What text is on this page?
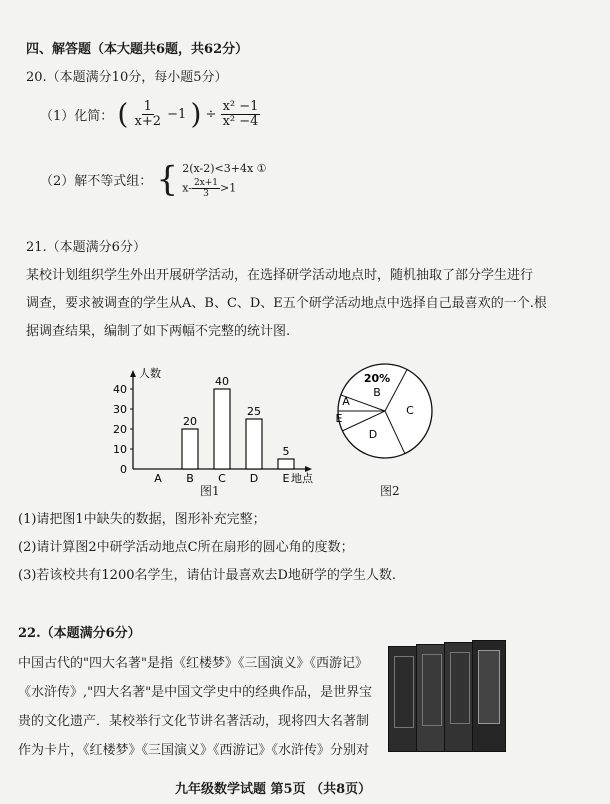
四、解答题（本大题共6题，共62分）
20.（本题满分10分，每小题5分）
（1）化简： ( $\frac{1}{x+2} -1$ ) ÷ $\frac{\text{x² −1}}{\text{x² −4}}$
（2）解不等式组： { 2(x-2)<3+4x ①
$x- \frac{2x+1}{3} >1$
21.（本题满分6分）
某校计划组织学生外出开展研学活动，在选择研学活动地点时，随机抽取了部分学生进行
调查，要求被调查的学生从A、B、C、D、E五个研学活动地点中选择自己最喜欢的一个.根
据调查结果，编制了如下两幅不完整的统计图.
人数
地点
0
10
20
30
40
A
20
B
40
C
25
D
5
E
图1
A
B
C
D
E
20%
图2
(1)请把图1中缺失的数据，图形补充完整；
(2)请计算图2中研学活动地点C所在扇形的圆心角的度数；
(3)若该校共有1200名学生，请估计最喜欢去D地研学的学生人数.
22.（本题满分6分）
中国古代的"四大名著"是指《红楼梦》《三国演义》《西游记》
《水浒传》,"四大名著"是中国文学史中的经典作品，是世界宝
贵的文化遗产．某校举行文化节讲名著活动，现将四大名著制
作为卡片，《红楼梦》《三国演义》《西游记》《水浒传》分别对
九年级数学试题 第5页 （共8页）
